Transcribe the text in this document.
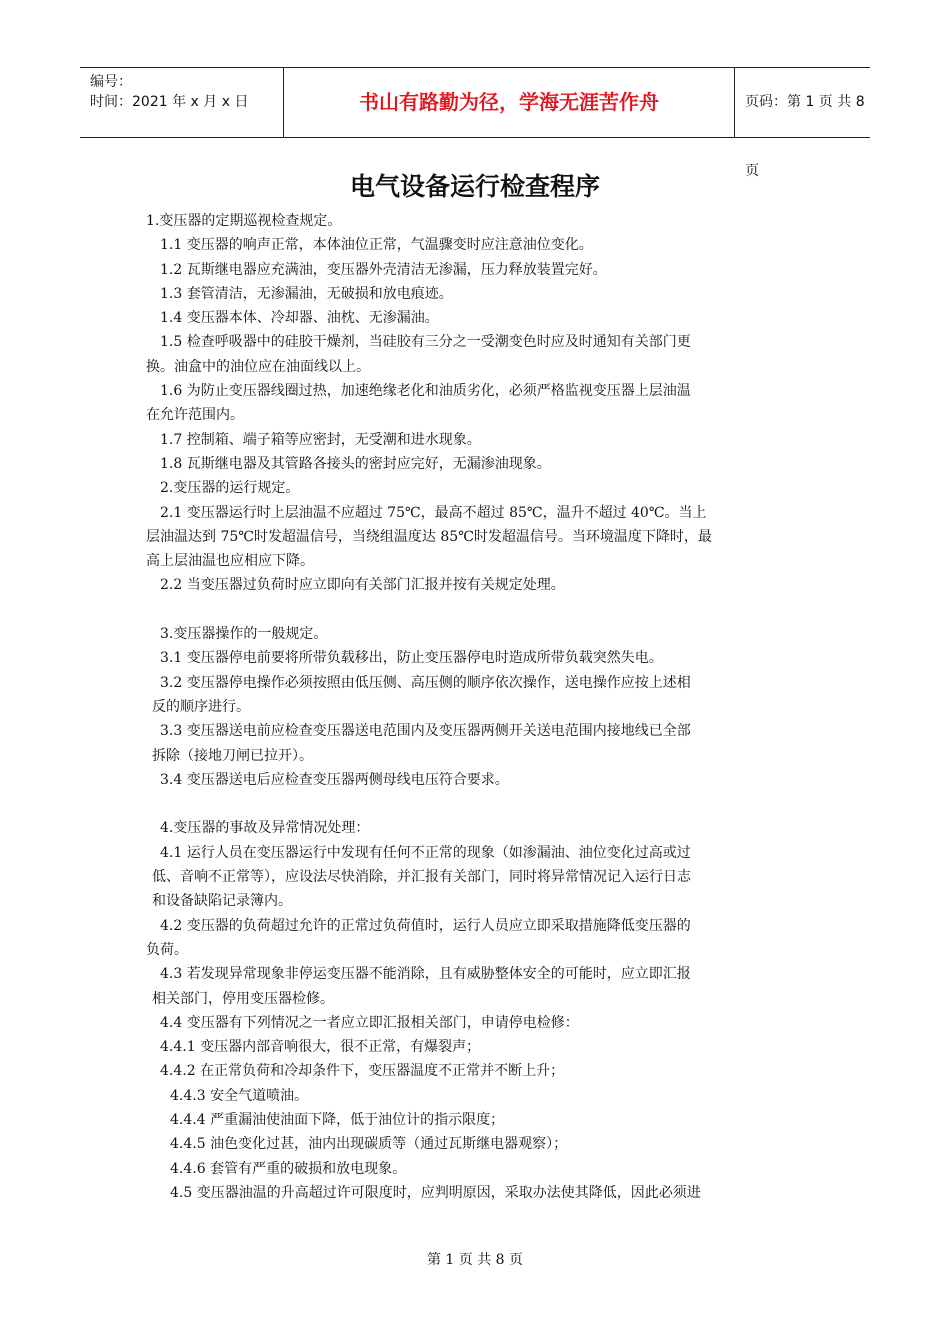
编号：
时间：2021 年 x 月 x 日	书山有路勤为径，学海无涯苦作舟	页码：第 1 页 共 8 页
电气设备运行检查程序

1.变压器的定期巡视检查规定。

1.1 变压器的响声正常，本体油位正常，气温骤变时应注意油位变化。

1.2 瓦斯继电器应充满油，变压器外壳清洁无渗漏，压力释放装置完好。

1.3 套管清洁，无渗漏油，无破损和放电痕迹。

1.4 变压器本体、冷却器、油枕、无渗漏油。

1.5 检查呼吸器中的硅胶干燥剂，当硅胶有三分之一受潮变色时应及时通知有关部门更

换。油盒中的油位应在油面线以上。

1.6 为防止变压器线圈过热，加速绝缘老化和油质劣化，必须严格监视变压器上层油温

在允许范围内。

1.7 控制箱、端子箱等应密封，无受潮和进水现象。

1.8 瓦斯继电器及其管路各接头的密封应完好，无漏渗油现象。

2.变压器的运行规定。

2.1 变压器运行时上层油温不应超过 75℃，最高不超过 85℃，温升不超过 40℃。当上

层油温达到 75℃时发超温信号，当绕组温度达 85℃时发超温信号。当环境温度下降时，最

高上层油温也应相应下降。

2.2 当变压器过负荷时应立即向有关部门汇报并按有关规定处理。

3.变压器操作的一般规定。

3.1 变压器停电前要将所带负载移出，防止变压器停电时造成所带负载突然失电。

3.2 变压器停电操作必须按照由低压侧、高压侧的顺序依次操作，送电操作应按上述相

反的顺序进行。

3.3 变压器送电前应检查变压器送电范围内及变压器两侧开关送电范围内接地线已全部

拆除（接地刀闸已拉开）。

3.4 变压器送电后应检查变压器两侧母线电压符合要求。

4.变压器的事故及异常情况处理：

4.1 运行人员在变压器运行中发现有任何不正常的现象（如渗漏油、油位变化过高或过

低、音响不正常等），应设法尽快消除，并汇报有关部门，同时将异常情况记入运行日志

和设备缺陷记录簿内。

4.2 变压器的负荷超过允许的正常过负荷值时，运行人员应立即采取措施降低变压器的

负荷。

4.3 若发现异常现象非停运变压器不能消除，且有威胁整体安全的可能时，应立即汇报

相关部门，停用变压器检修。

4.4 变压器有下列情况之一者应立即汇报相关部门，申请停电检修：

4.4.1 变压器内部音响很大，很不正常，有爆裂声；

4.4.2 在正常负荷和冷却条件下，变压器温度不正常并不断上升；

4.4.3 安全气道喷油。

4.4.4 严重漏油使油面下降，低于油位计的指示限度；

4.4.5 油色变化过甚，油内出现碳质等（通过瓦斯继电器观察）；

4.4.6 套管有严重的破损和放电现象。

4.5 变压器油温的升高超过许可限度时，应判明原因，采取办法使其降低，因此必须进

第 1 页 共 8 页
